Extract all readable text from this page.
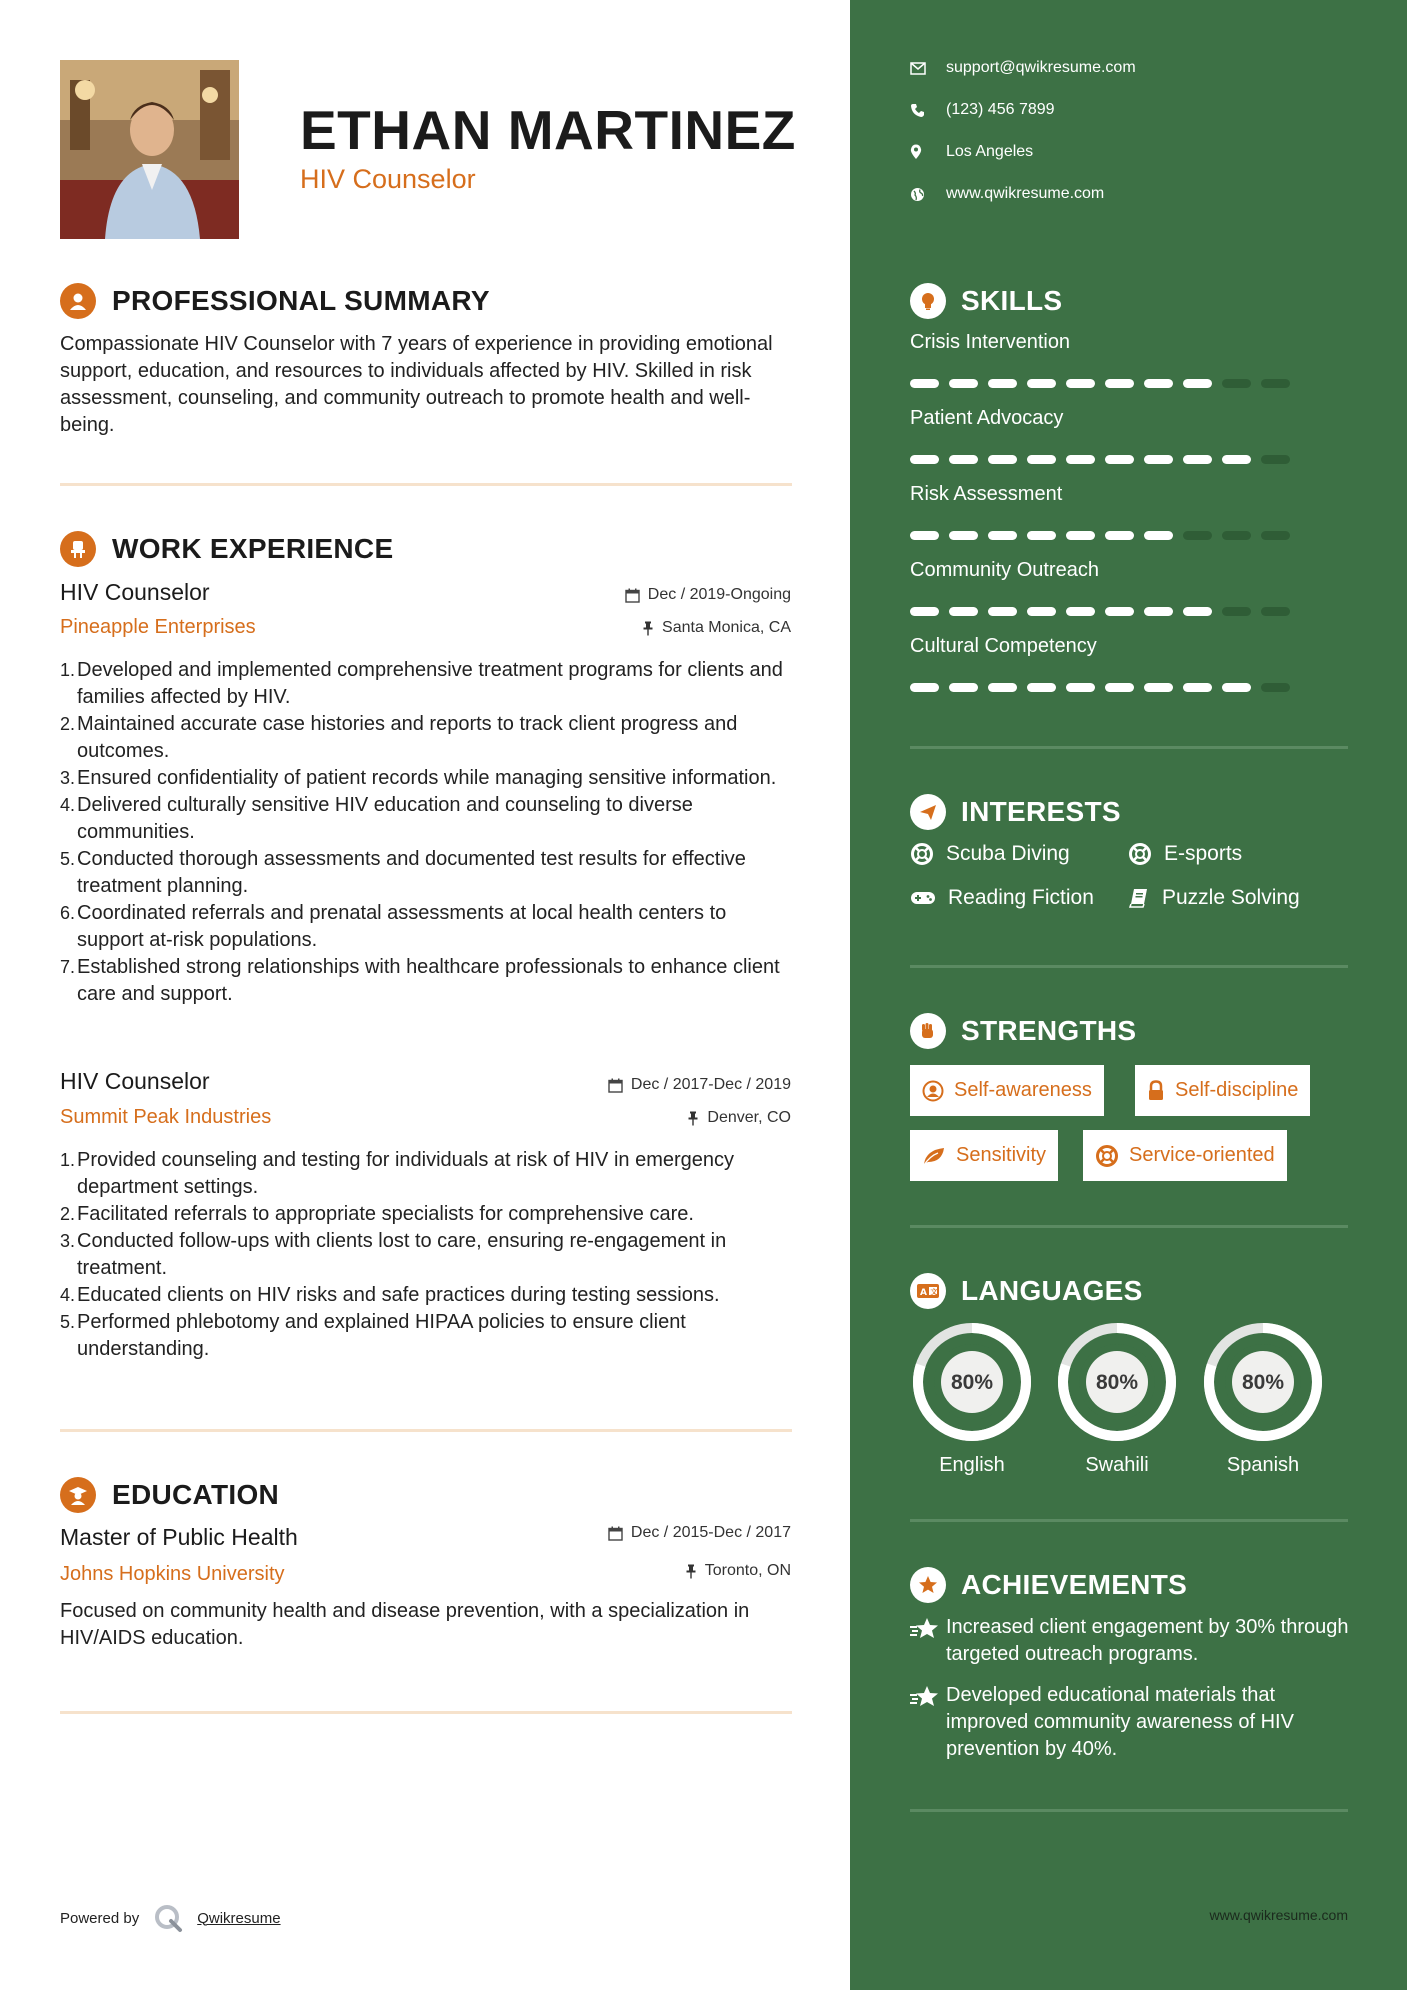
ETHAN MARTINEZ
HIV Counselor
PROFESSIONAL SUMMARY
Compassionate HIV Counselor with 7 years of experience in providing emotional support, education, and resources to individuals affected by HIV. Skilled in risk assessment, counseling, and community outreach to promote health and well-being.
WORK EXPERIENCE
HIV Counselor
Pineapple Enterprises
Dec / 2019-Ongoing
Santa Monica, CA
1. Developed and implemented comprehensive treatment programs for clients and families affected by HIV.
2. Maintained accurate case histories and reports to track client progress and outcomes.
3. Ensured confidentiality of patient records while managing sensitive information.
4. Delivered culturally sensitive HIV education and counseling to diverse communities.
5. Conducted thorough assessments and documented test results for effective treatment planning.
6. Coordinated referrals and prenatal assessments at local health centers to support at-risk populations.
7. Established strong relationships with healthcare professionals to enhance client care and support.
HIV Counselor
Summit Peak Industries
Dec / 2017-Dec / 2019
Denver, CO
1. Provided counseling and testing for individuals at risk of HIV in emergency department settings.
2. Facilitated referrals to appropriate specialists for comprehensive care.
3. Conducted follow-ups with clients lost to care, ensuring re-engagement in treatment.
4. Educated clients on HIV risks and safe practices during testing sessions.
5. Performed phlebotomy and explained HIPAA policies to ensure client understanding.
EDUCATION
Master of Public Health
Johns Hopkins University
Dec / 2015-Dec / 2017
Toronto, ON
Focused on community health and disease prevention, with a specialization in HIV/AIDS education.
Powered by	Qwikresume
support@qwikresume.com
(123) 456 7899
Los Angeles
www.qwikresume.com
SKILLS
Crisis Intervention
Patient Advocacy
Risk Assessment
Community Outreach
Cultural Competency
INTERESTS
Scuba Diving	E-sports
Reading Fiction	Puzzle Solving
STRENGTHS
Self-awareness	Self-discipline
Sensitivity	Service-oriented
A 文 LANGUAGES
80%
English
80%
Swahili
80%
Spanish
ACHIEVEMENTS
Increased client engagement by 30% through targeted outreach programs.
Developed educational materials that improved community awareness of HIV prevention by 40%.
www.qwikresume.com
